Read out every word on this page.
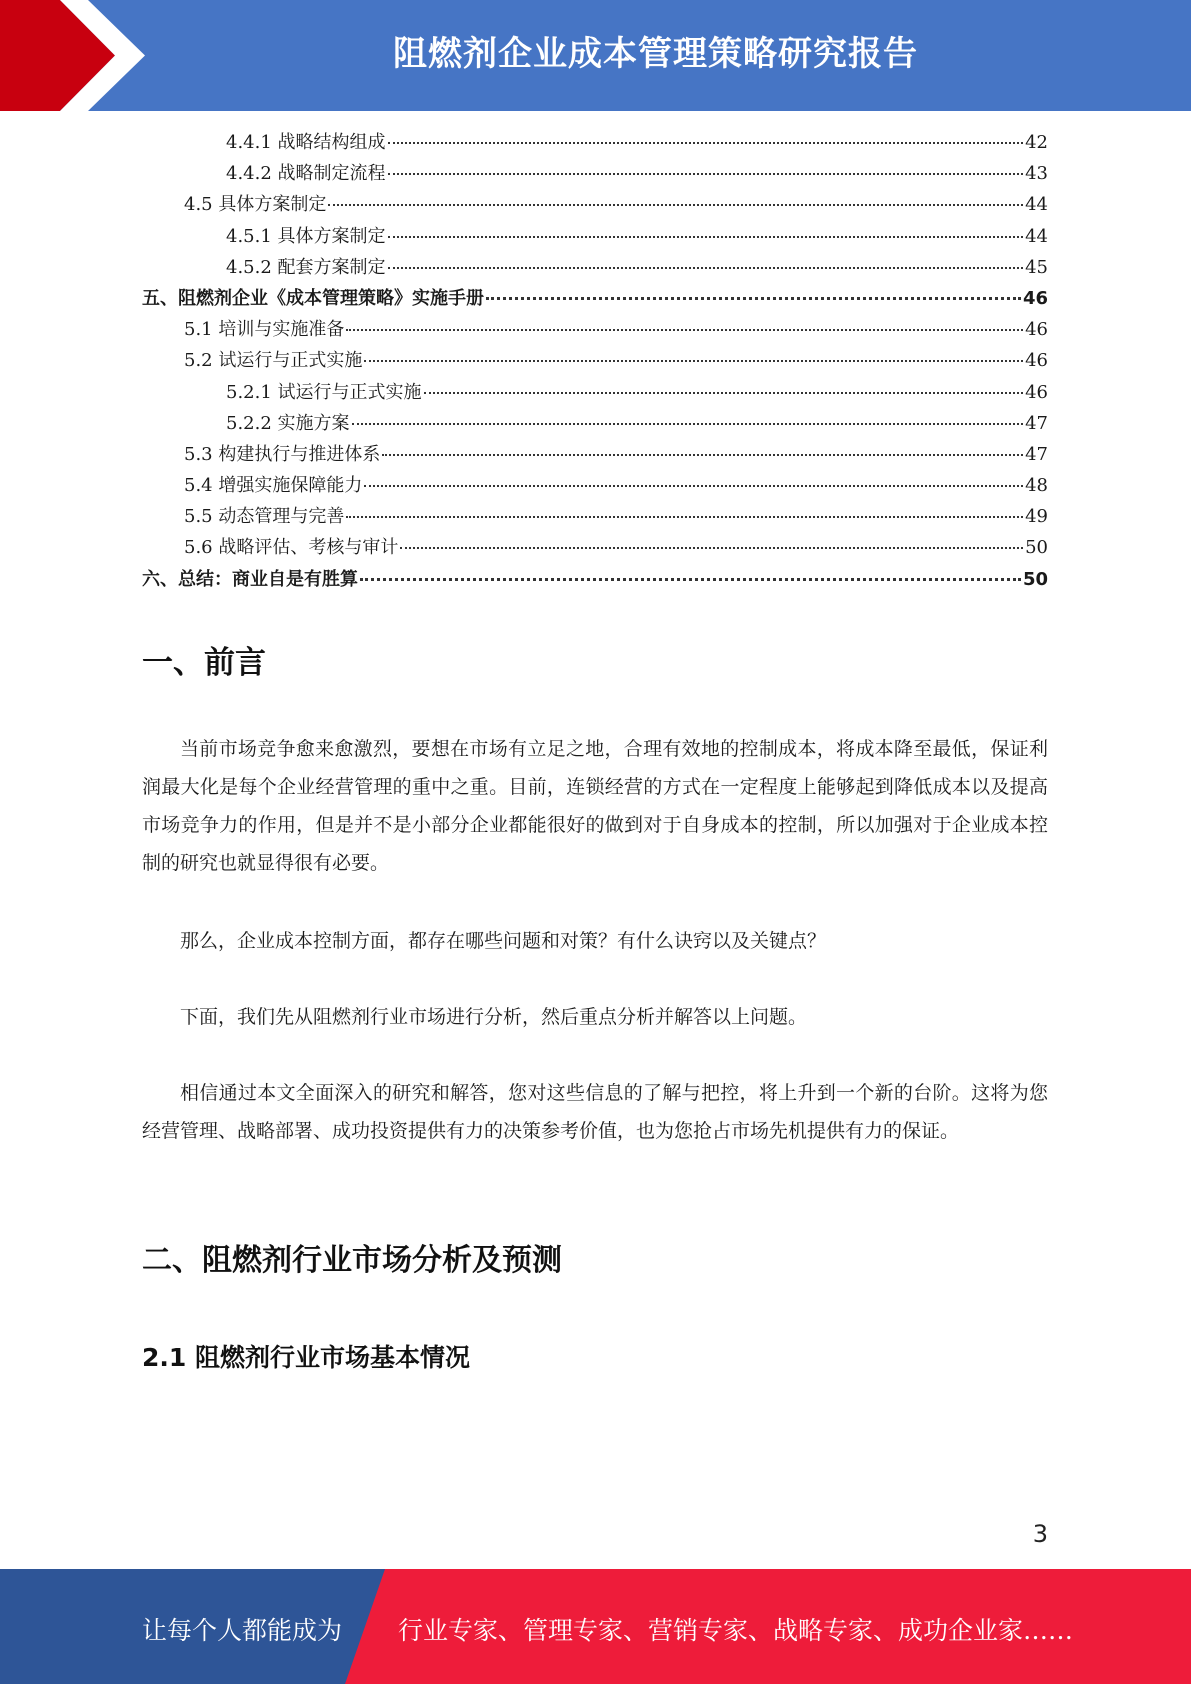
阻燃剂企业成本管理策略研究报告
4.4.1 战略结构组成	42
4.4.2 战略制定流程	43
4.5 具体方案制定	44
4.5.1 具体方案制定	44
4.5.2 配套方案制定	45
五、阻燃剂企业《成本管理策略》实施手册	46
5.1 培训与实施准备	46
5.2 试运行与正式实施	46
5.2.1 试运行与正式实施	46
5.2.2 实施方案	47
5.3 构建执行与推进体系	47
5.4 增强实施保障能力	48
5.5 动态管理与完善	49
5.6 战略评估、考核与审计	50
六、总结：商业自是有胜算	50
一、前言
当前市场竞争愈来愈激烈，要想在市场有立足之地，合理有效地的控制成本，将成本降至最低，保证利润最大化是每个企业经营管理的重中之重。目前，连锁经营的方式在一定程度上能够起到降低成本以及提高市场竞争力的作用，但是并不是小部分企业都能很好的做到对于自身成本的控制，所以加强对于企业成本控制的研究也就显得很有必要。
那么，企业成本控制方面，都存在哪些问题和对策？有什么诀窍以及关键点？
下面，我们先从阻燃剂行业市场进行分析，然后重点分析并解答以上问题。
相信通过本文全面深入的研究和解答，您对这些信息的了解与把控，将上升到一个新的台阶。这将为您经营管理、战略部署、成功投资提供有力的决策参考价值，也为您抢占市场先机提供有力的保证。
二、阻燃剂行业市场分析及预测
2.1 阻燃剂行业市场基本情况
3
让每个人都能成为 行业专家、管理专家、营销专家、战略专家、成功企业家……
